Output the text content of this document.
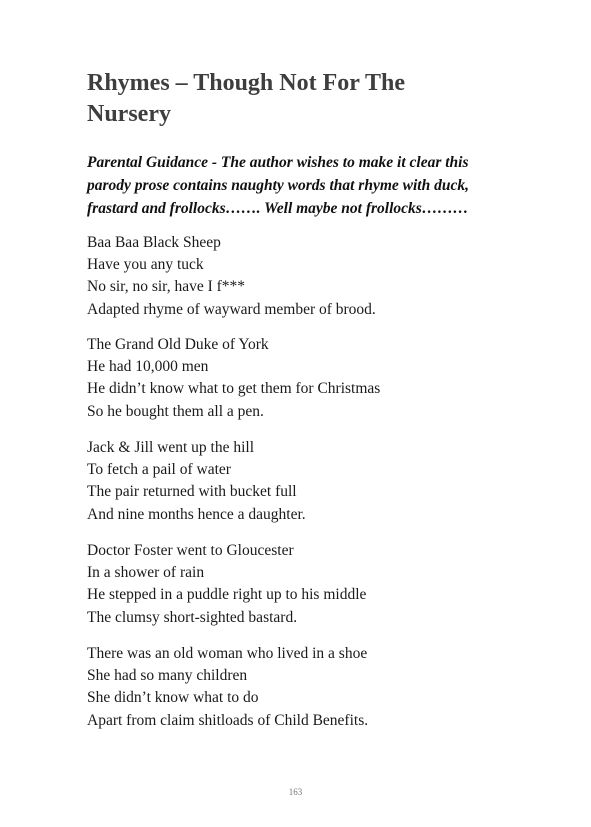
Rhymes – Though Not For The
Nursery
Parental Guidance - The author wishes to make it clear this
parody prose contains naughty words that rhyme with duck,
frastard and frollocks……. Well maybe not frollocks………
Baa Baa Black Sheep
Have you any tuck
No sir, no sir, have I f***
Adapted rhyme of wayward member of brood.
The Grand Old Duke of York
He had 10,000 men
He didn’t know what to get them for Christmas
So he bought them all a pen.
Jack & Jill went up the hill
To fetch a pail of water
The pair returned with bucket full
And nine months hence a daughter.
Doctor Foster went to Gloucester
In a shower of rain
He stepped in a puddle right up to his middle
The clumsy short-sighted bastard.
There was an old woman who lived in a shoe
She had so many children
She didn’t know what to do
Apart from claim shitloads of Child Benefits.
163
